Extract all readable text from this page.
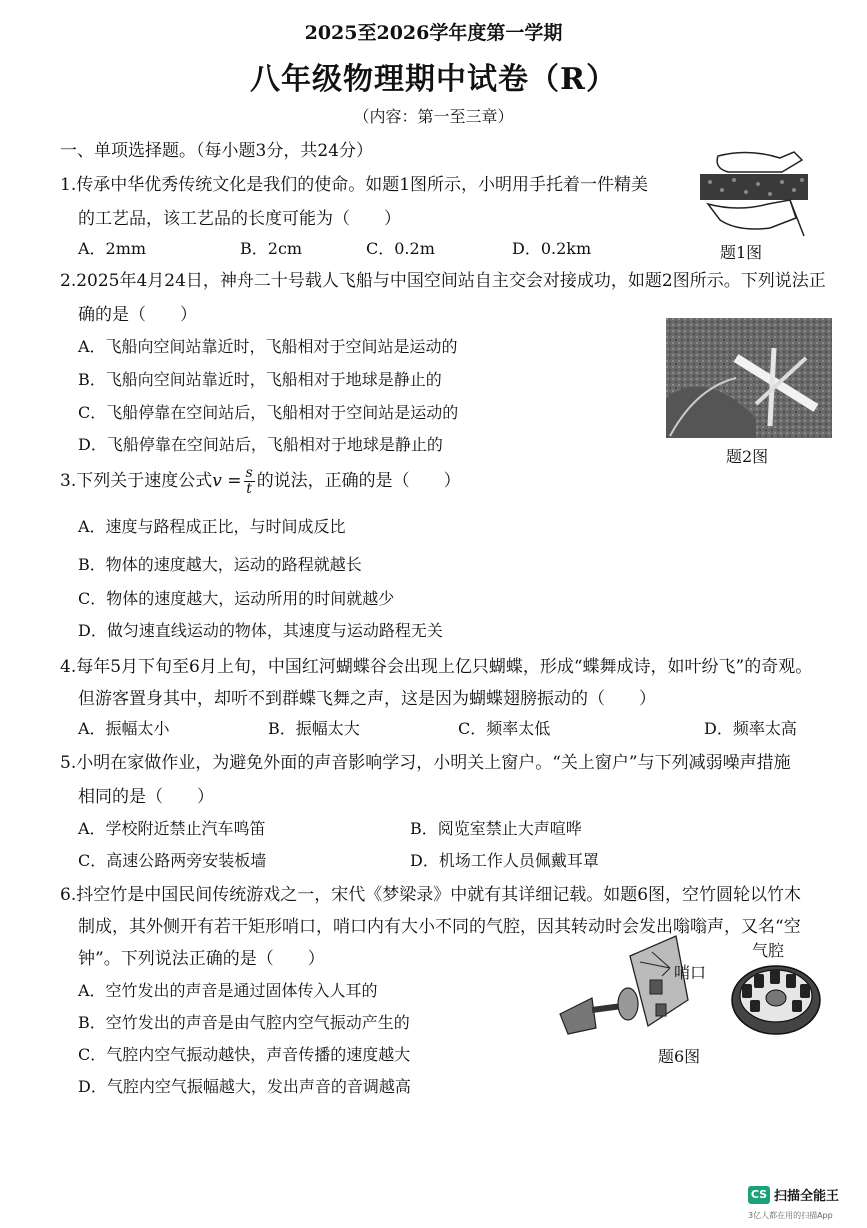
2025至2026学年度第一学期
八年级物理期中试卷（R）
（内容：第一至三章）
一、单项选择题。（每小题3分，共24分）
1.传承中华优秀传统文化是我们的使命。如题1图所示，小明用手托着一件精美
的工艺品，该工艺品的长度可能为（　　）
A．2mm	B．2cm	C．0.2m	D．0.2km	题1图
2.2025年4月24日，神舟二十号载人飞船与中国空间站自主交会对接成功，如题2图所示。下列说法正
确的是（　　）
A．飞船向空间站靠近时，飞船相对于空间站是运动的
B．飞船向空间站靠近时，飞船相对于地球是静止的
C．飞船停靠在空间站后，飞船相对于空间站是运动的
D．飞船停靠在空间站后，飞船相对于地球是静止的
题2图
3.下列关于速度公式$v = \frac{s}{t}$ 的说法，正确的是（　　）
A．速度与路程成正比，与时间成反比
B．物体的速度越大，运动的路程就越长
C．物体的速度越大，运动所用的时间就越少
D．做匀速直线运动的物体，其速度与运动路程无关
4.每年5月下旬至6月上旬，中国红河蝴蝶谷会出现上亿只蝴蝶，形成“蝶舞成诗，如叶纷飞”的奇观。
但游客置身其中，却听不到群蝶飞舞之声，这是因为蝴蝶翅膀振动的（　　）
A．振幅太小	B．振幅太大	C．频率太低	D．频率太高
5.小明在家做作业，为避免外面的声音影响学习，小明关上窗户。“关上窗户”与下列减弱噪声措施
相同的是（　　）
A．学校附近禁止汽车鸣笛	B．阅览室禁止大声喧哗
C．高速公路两旁安装板墙	D．机场工作人员佩戴耳罩
6.抖空竹是中国民间传统游戏之一，宋代《梦梁录》中就有其详细记载。如题6图，空竹圆轮以竹木
制成，其外侧开有若干矩形哨口，哨口内有大小不同的气腔，因其转动时会发出嗡嗡声，又名“空
钟”。下列说法正确的是（　　）
A．空竹发出的声音是通过固体传入人耳的
B．空竹发出的声音是由气腔内空气振动产生的
C．气腔内空气振动越快，声音传播的速度越大
D．气腔内空气振幅越大，发出声音的音调越高
哨口
气腔
题6图
CS 扫描全能王
3亿人都在用的扫描App
